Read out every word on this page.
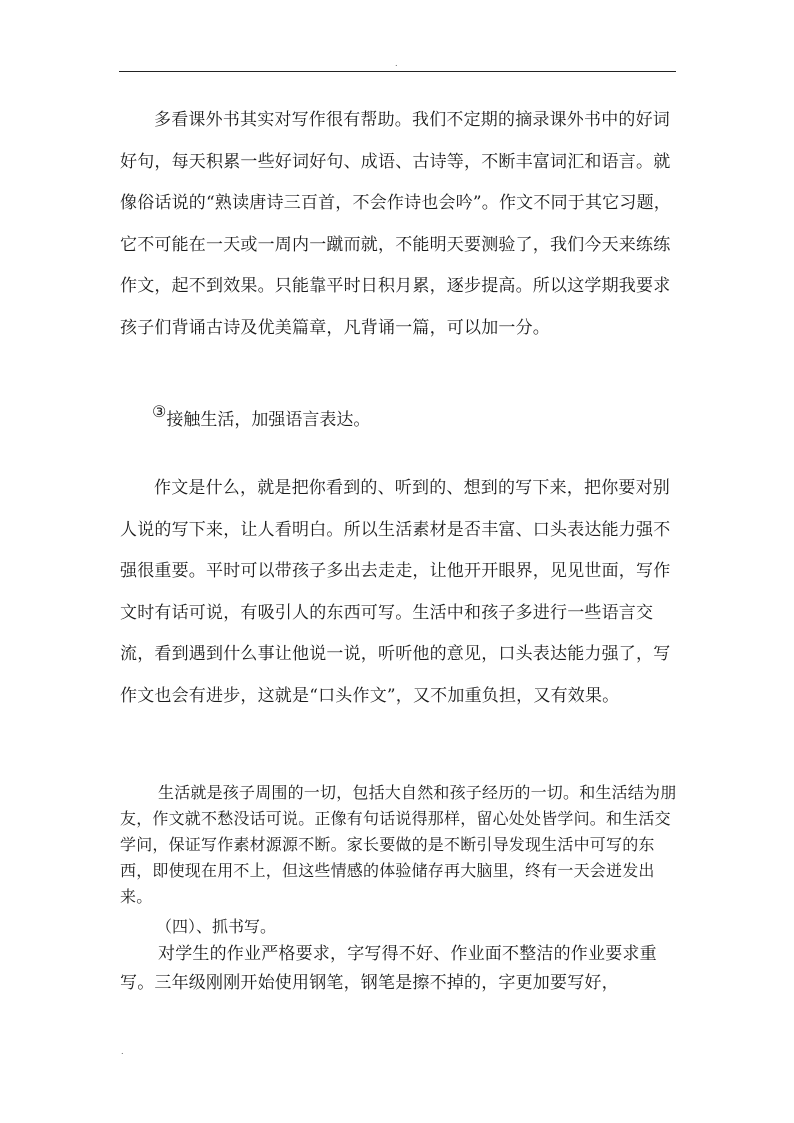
.

多看课外书其实对写作很有帮助。我们不定期的摘录课外书中的好词好句，每天积累一些好词好句、成语、古诗等，不断丰富词汇和语言。就像俗话说的“熟读唐诗三百首，不会作诗也会吟”。作文不同于其它习题，它不可能在一天或一周内一蹴而就，不能明天要测验了，我们今天来练练作文，起不到效果。只能靠平时日积月累，逐步提高。所以这学期我要求孩子们背诵古诗及优美篇章，凡背诵一篇，可以加一分。

③接触生活，加强语言表达。

作文是什么，就是把你看到的、听到的、想到的写下来，把你要对别人说的写下来，让人看明白。所以生活素材是否丰富、口头表达能力强不强很重要。平时可以带孩子多出去走走，让他开开眼界，见见世面，写作文时有话可说，有吸引人的东西可写。生活中和孩子多进行一些语言交流，看到遇到什么事让他说一说，听听他的意见，口头表达能力强了，写作文也会有进步，这就是“口头作文”，又不加重负担，又有效果。

生活就是孩子周围的一切，包括大自然和孩子经历的一切。和生活结为朋友，作文就不愁没话可说。正像有句话说得那样，留心处处皆学问。和生活交学问，保证写作素材源源不断。家长要做的是不断引导发现生活中可写的东西，即使现在用不上，但这些情感的体验储存再大脑里，终有一天会迸发出来。

（四）、抓书写。

对学生的作业严格要求，字写得不好、作业面不整洁的作业要求重写。三年级刚刚开始使用钢笔，钢笔是擦不掉的，字更加要写好，

.
